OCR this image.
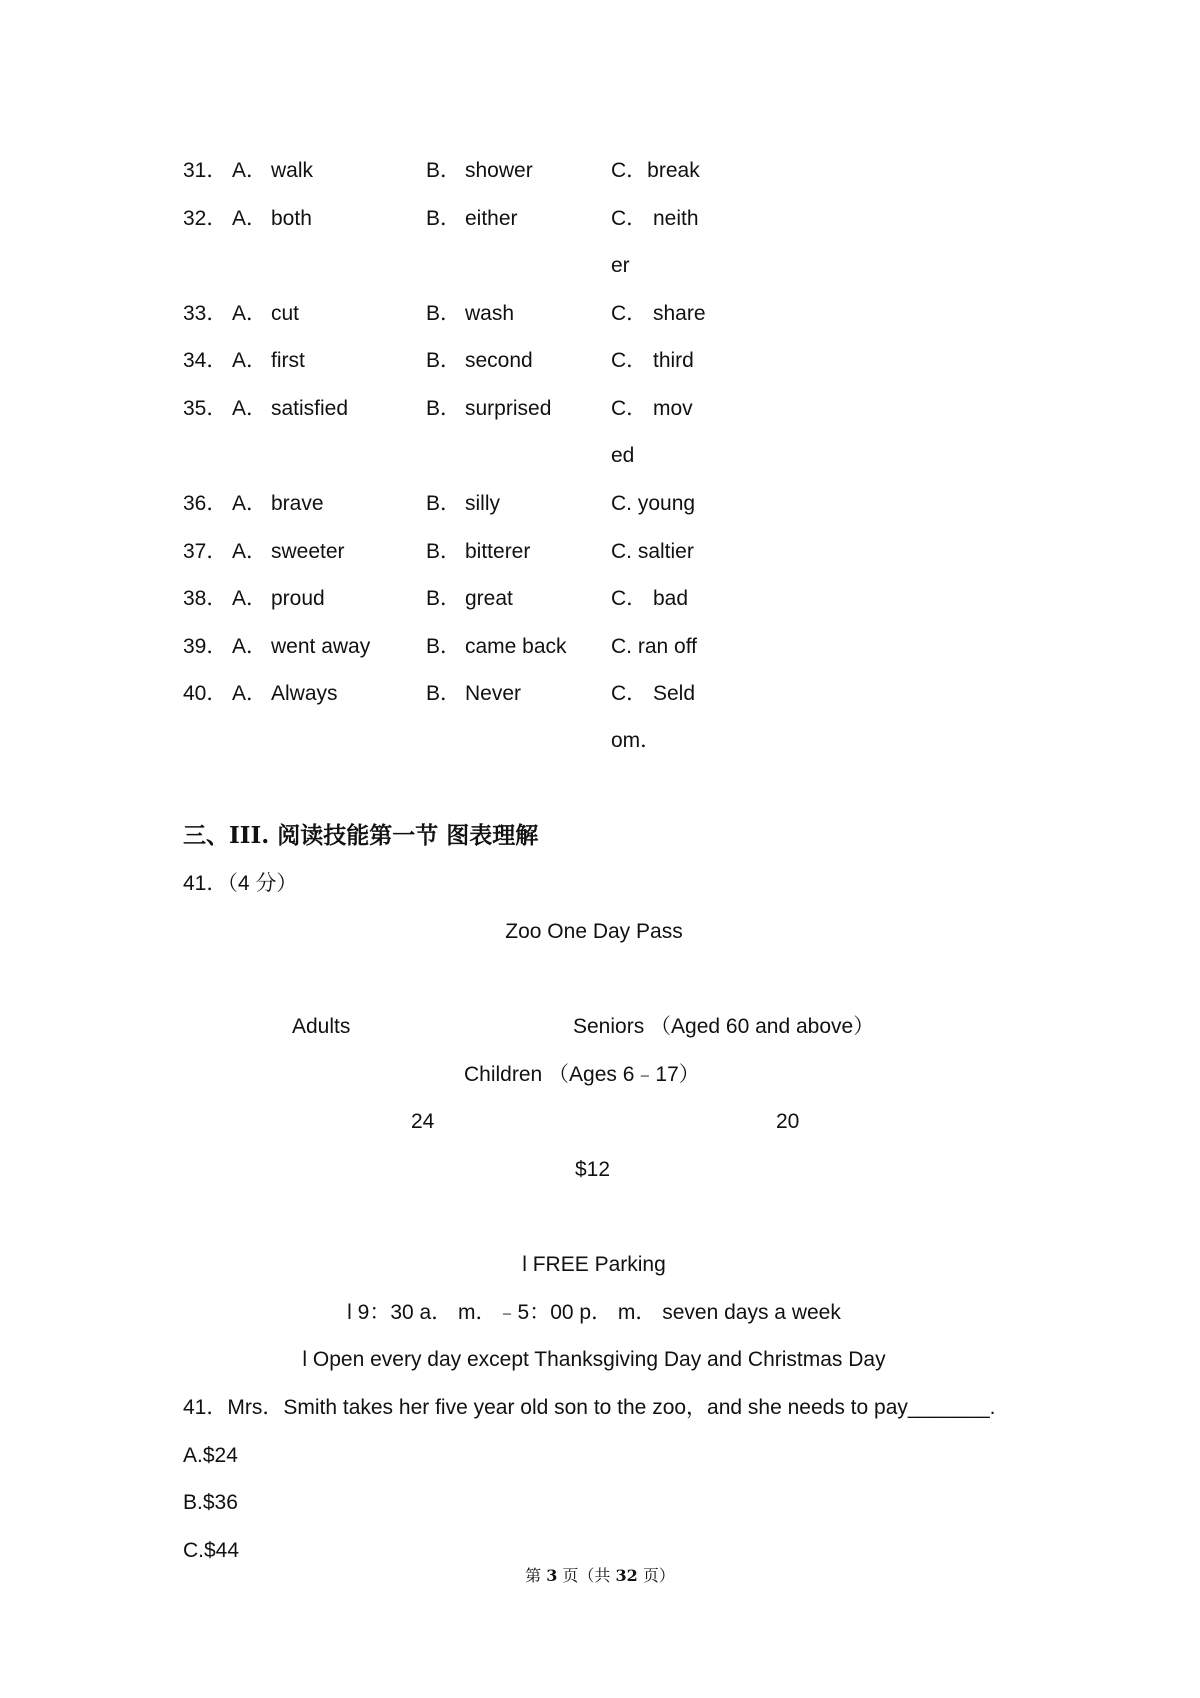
31． A． walk	B． shower	C．break
32． A． both	B． either	C． neith
er
33． A． cut	B． wash	C． share
34． A． first	B． second	C． third
35． A． satisfied	B． surprised	C． mov
ed
36． A． brave	B． silly	C. young
37． A． sweeter	B． bitterer	C. saltier
38． A． proud	B． great	C． bad
39． A． went away	B． came back C. ran off
40． A． Always	B． Never	C． Seld
om．
三、III. 阅读技能第一节 图表理解
41．（4 分）
Zoo One Day Pass
Adults	Seniors （Aged 60 and above）
Children （Ages 6﹣17）
24	20
$12
l FREE Parking
l 9：30 a． m．﹣5：00 p． m． seven days a week
l Open every day except Thanksgiving Day and Christmas Day
41．Mrs．Smith takes her five year old son to the zoo，and she needs to pay_______.
A.$24
B.$36
C.$44
第 3 页（共 32 页）
